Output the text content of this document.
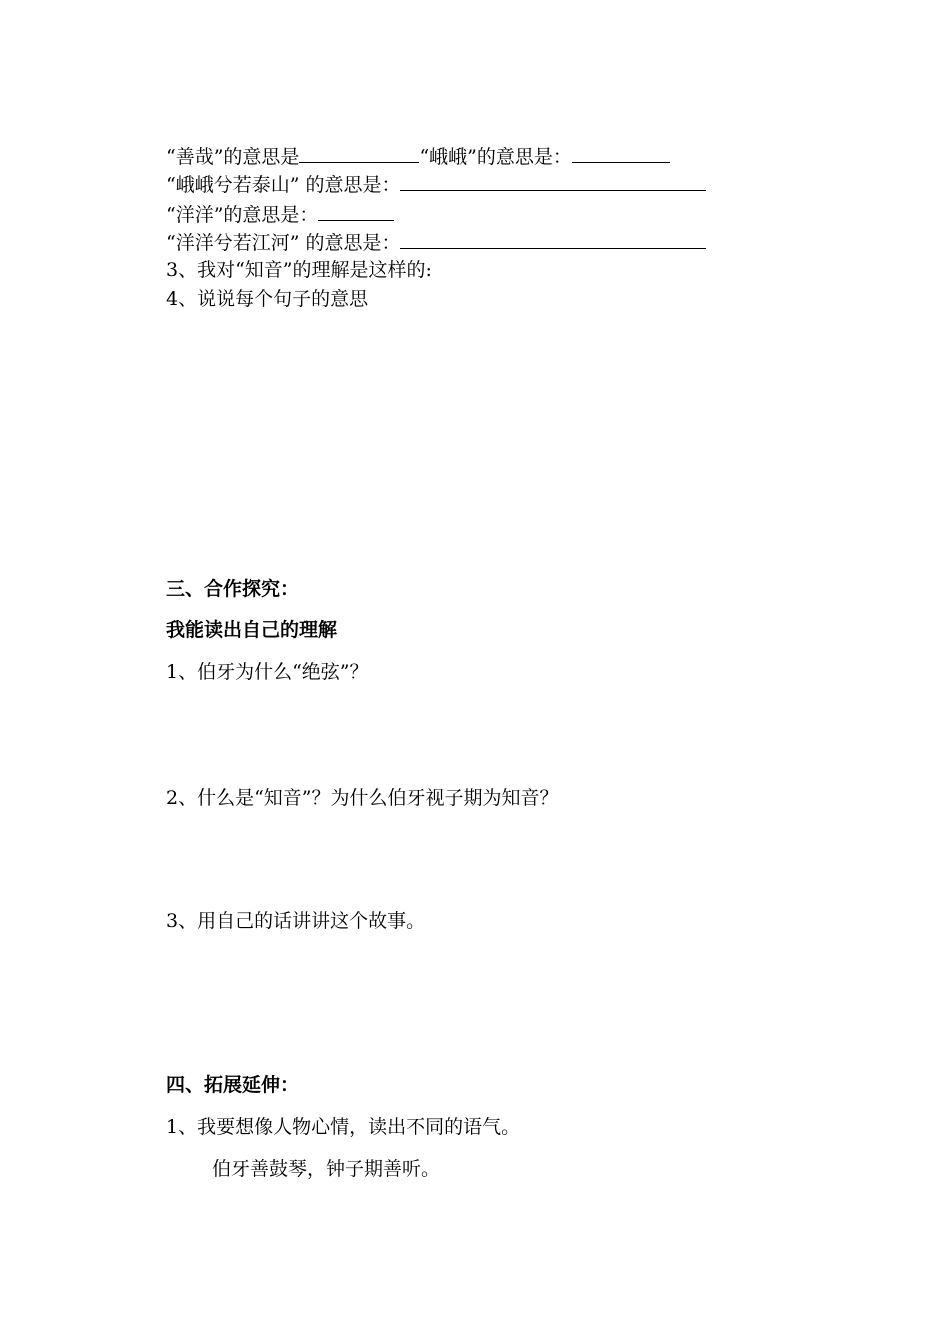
“善哉”的意思是	“峨峨”的意思是：
“峨峨兮若泰山” 的意思是：
“洋洋”的意思是：
“洋洋兮若江河” 的意思是：
3、我对“知音”的理解是这样的:
4、说说每个句子的意思
三、合作探究：
我能读出自己的理解
1、伯牙为什么“绝弦”？
2、什么是“知音”？为什么伯牙视子期为知音？
3、用自己的话讲讲这个故事。
四、拓展延伸：
1、我要想像人物心情，读出不同的语气。
伯牙善鼓琴，钟子期善听。
